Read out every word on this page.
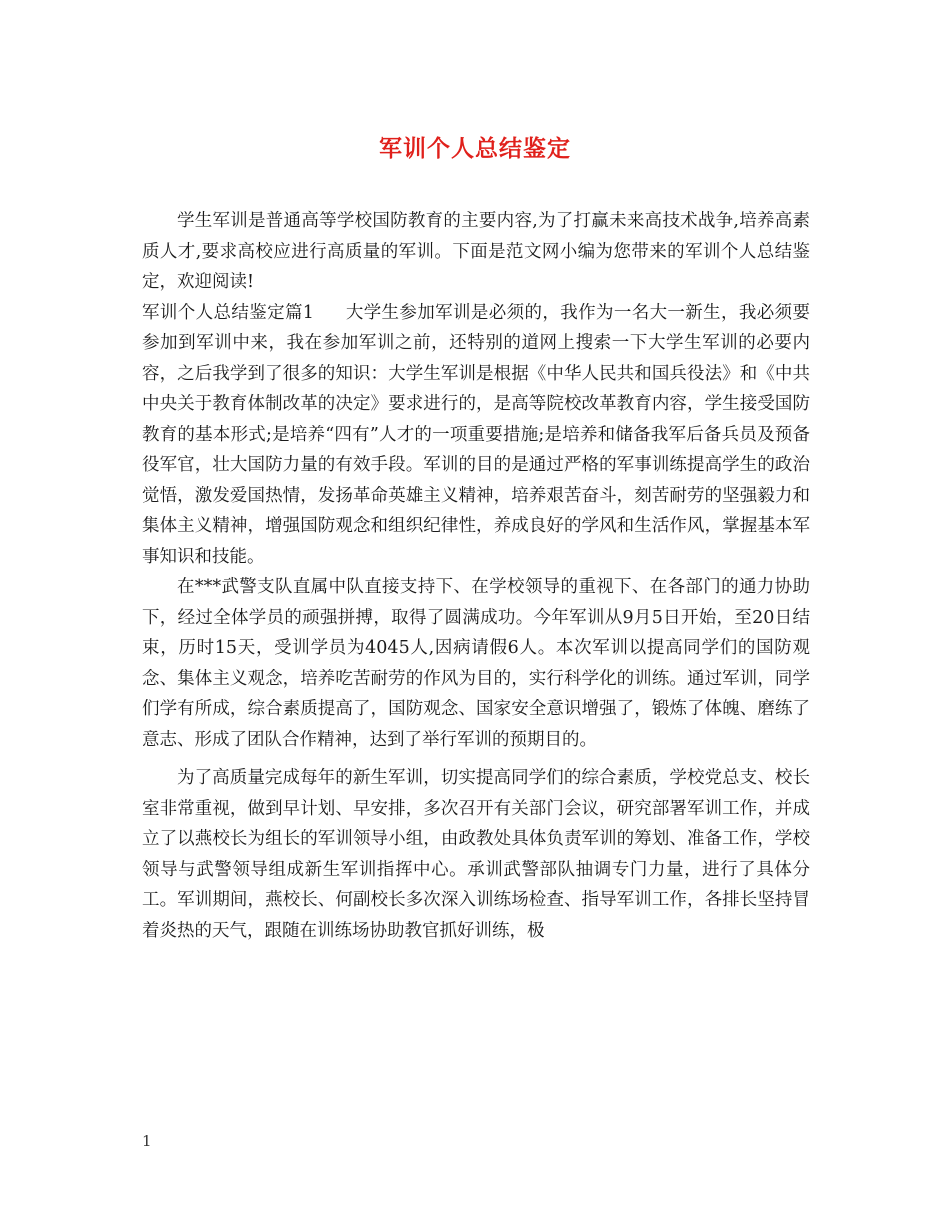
军训个人总结鉴定

学生军训是普通高等学校国防教育的主要内容,为了打赢未来高技术战争,培养高素质人才,要求高校应进行高质量的军训。下面是范文网小编为您带来的军训个人总结鉴定，欢迎阅读!

军训个人总结鉴定篇1 大学生参加军训是必须的，我作为一名大一新生，我必须要参加到军训中来，我在参加军训之前，还特别的道网上搜索一下大学生军训的必要内容，之后我学到了很多的知识：大学生军训是根据《中华人民共和国兵役法》和《中共中央关于教育体制改革的决定》要求进行的，是高等院校改革教育内容，学生接受国防教育的基本形式;是培养“四有”人才的一项重要措施;是培养和储备我军后备兵员及预备役军官，壮大国防力量的有效手段。军训的目的是通过严格的军事训练提高学生的政治觉悟，激发爱国热情，发扬革命英雄主义精神，培养艰苦奋斗，刻苦耐劳的坚强毅力和集体主义精神，增强国防观念和组织纪律性，养成良好的学风和生活作风，掌握基本军事知识和技能。

在***武警支队直属中队直接支持下、在学校领导的重视下、在各部门的通力协助下，经过全体学员的顽强拼搏，取得了圆满成功。今年军训从9月5日开始，至20日结束，历时15天，受训学员为4045人,因病请假6人。本次军训以提高同学们的国防观念、集体主义观念，培养吃苦耐劳的作风为目的，实行科学化的训练。通过军训，同学们学有所成，综合素质提高了，国防观念、国家安全意识增强了，锻炼了体魄、磨练了意志、形成了团队合作精神，达到了举行军训的预期目的。

为了高质量完成每年的新生军训，切实提高同学们的综合素质，学校党总支、校长室非常重视，做到早计划、早安排，多次召开有关部门会议，研究部署军训工作，并成立了以燕校长为组长的军训领导小组，由政教处具体负责军训的筹划、准备工作，学校领导与武警领导组成新生军训指挥中心。承训武警部队抽调专门力量，进行了具体分工。军训期间，燕校长、何副校长多次深入训练场检查、指导军训工作，各排长坚持冒着炎热的天气，跟随在训练场协助教官抓好训练，极

1
